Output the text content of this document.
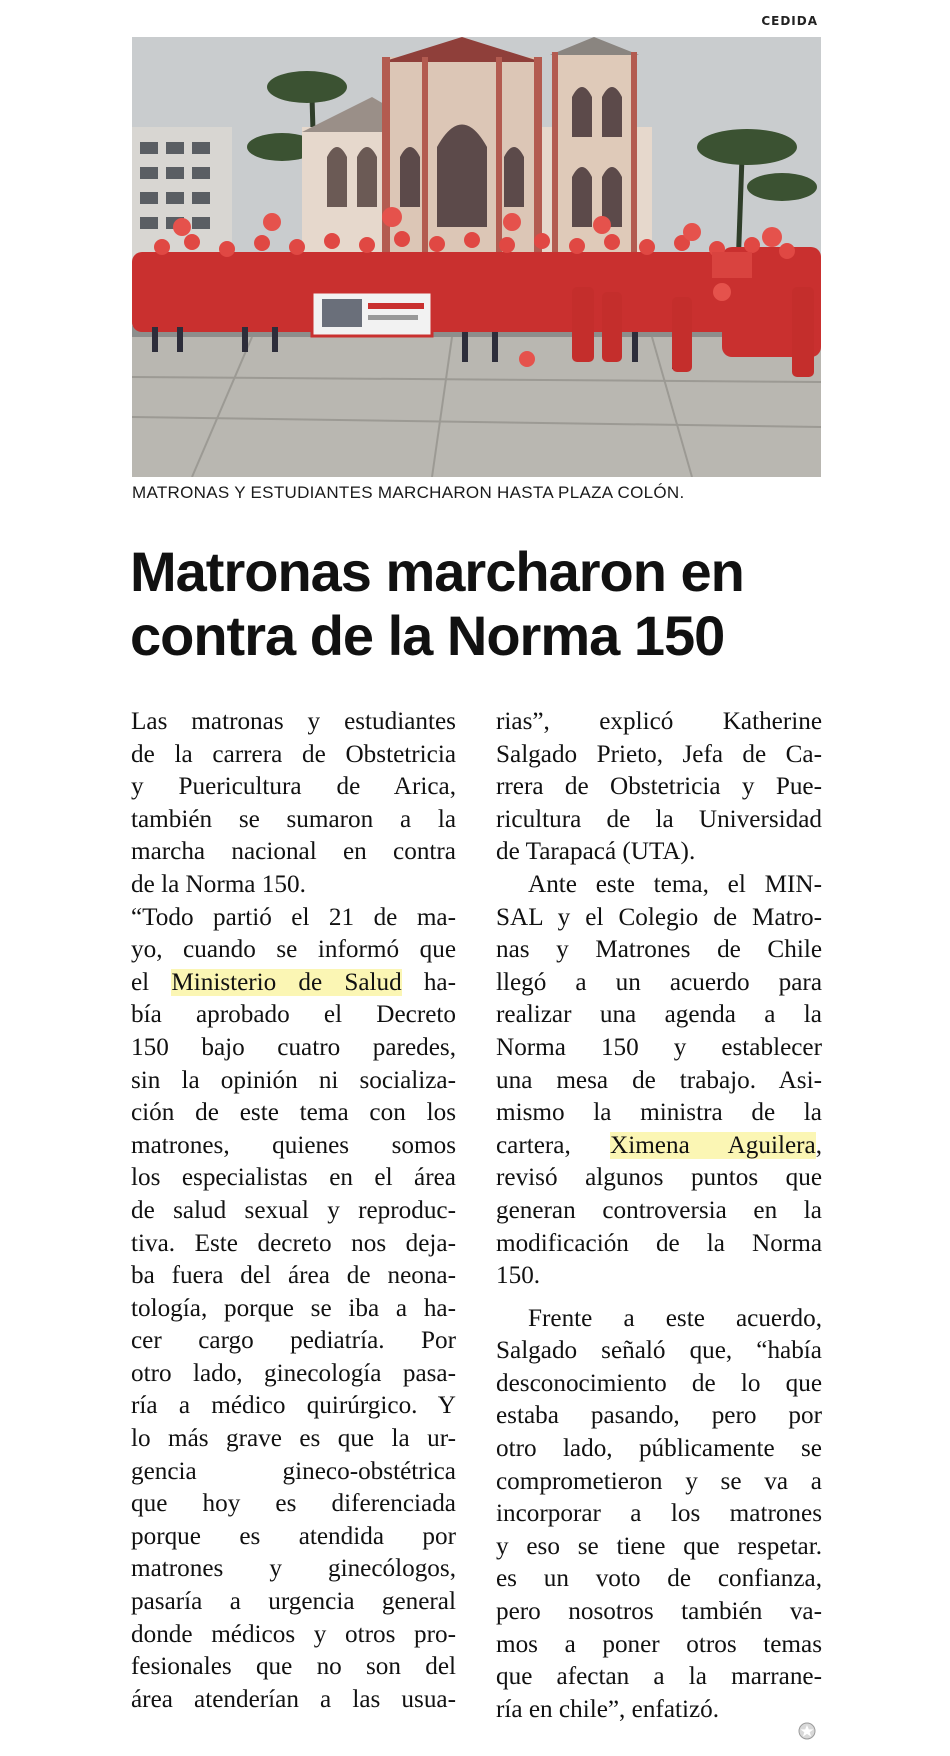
CEDIDA
MATRONAS Y ESTUDIANTES MARCHARON HASTA PLAZA COLÓN.
Matronas marcharon en
contra de la Norma 150
Las matronas y estudiantes
de la carrera de Obstetricia
y Puericultura de Arica,
también se sumaron a la
marcha nacional en contra
de la Norma 150.
“Todo partió el 21 de ma-
yo, cuando se informó que
el Ministerio de Salud ha-
bía aprobado el Decreto
150 bajo cuatro paredes,
sin la opinión ni socializa-
ción de este tema con los
matrones, quienes somos
los especialistas en el área
de salud sexual y reproduc-
tiva. Este decreto nos deja-
ba fuera del área de neona-
tología, porque se iba a ha-
cer cargo pediatría. Por
otro lado, ginecología pasa-
ría a médico quirúrgico. Y
lo más grave es que la ur-
gencia gineco-obstétrica
que hoy es diferenciada
porque es atendida por
matrones y ginecólogos,
pasaría a urgencia general
donde médicos y otros pro-
fesionales que no son del
área atenderían a las usua-
rias”, explicó Katherine
Salgado Prieto, Jefa de Ca-
rrera de Obstetricia y Pue-
ricultura de la Universidad
de Tarapacá (UTA).
Ante este tema, el MIN-
SAL y el Colegio de Matro-
nas y Matrones de Chile
llegó a un acuerdo para
realizar una agenda a la
Norma 150 y establecer
una mesa de trabajo. Asi-
mismo la ministra de la
cartera, Ximena Aguilera,
revisó algunos puntos que
generan controversia en la
modificación de la Norma
150.
Frente a este acuerdo,
Salgado señaló que, “había
desconocimiento de lo que
estaba pasando, pero por
otro lado, públicamente se
comprometieron y se va a
incorporar a los matrones
y eso se tiene que respetar.
es un voto de confianza,
pero nosotros también va-
mos a poner otros temas
que afectan a la marrane-
ría en chile”, enfatizó.
